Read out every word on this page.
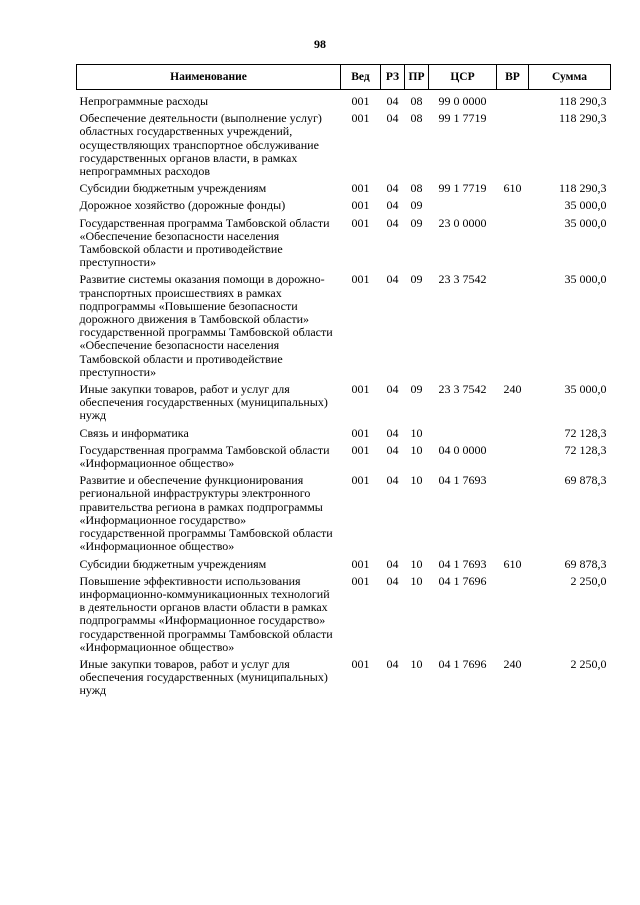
98
Наименование	Вед	РЗ	ПР	ЦСР	ВР	Сумма
Непрограммные расходы	001	04	08	99 0 0000		118 290,3
Обеспечение деятельности (выполнение услуг) областных государственных учреждений, осуществляющих транспортное обслуживание государственных органов власти, в рамках непрограммных расходов	001	04	08	99 1 7719		118 290,3
Субсидии бюджетным учреждениям	001	04	08	99 1 7719	610	118 290,3
Дорожное хозяйство (дорожные фонды)	001	04	09			35 000,0
Государственная программа Тамбовской области «Обеспечение безопасности населения Тамбовской области и противодействие преступности»	001	04	09	23 0 0000		35 000,0
Развитие системы оказания помощи в дорожно-транспортных происшествиях в рамках подпрограммы «Повышение безопасности дорожного движения в Тамбовской области» государственной программы Тамбовской области «Обеспечение безопасности населения Тамбовской области и противодействие преступности»	001	04	09	23 3 7542		35 000,0
Иные закупки товаров, работ и услуг для обеспечения государственных (муниципальных) нужд	001	04	09	23 3 7542	240	35 000,0
Связь и информатика	001	04	10			72 128,3
Государственная программа Тамбовской области «Информационное общество»	001	04	10	04 0 0000		72 128,3
Развитие и обеспечение функционирования региональной инфраструктуры электронного правительства региона в рамках подпрограммы «Информационное государство» государственной программы Тамбовской области «Информационное общество»	001	04	10	04 1 7693		69 878,3
Субсидии бюджетным учреждениям	001	04	10	04 1 7693	610	69 878,3
Повышение эффективности использования информационно-коммуникационных технологий в деятельности органов власти области в рамках подпрограммы «Информационное государство» государственной программы Тамбовской области «Информационное общество»	001	04	10	04 1 7696		2 250,0
Иные закупки товаров, работ и услуг для обеспечения государственных (муниципальных) нужд	001	04	10	04 1 7696	240	2 250,0
